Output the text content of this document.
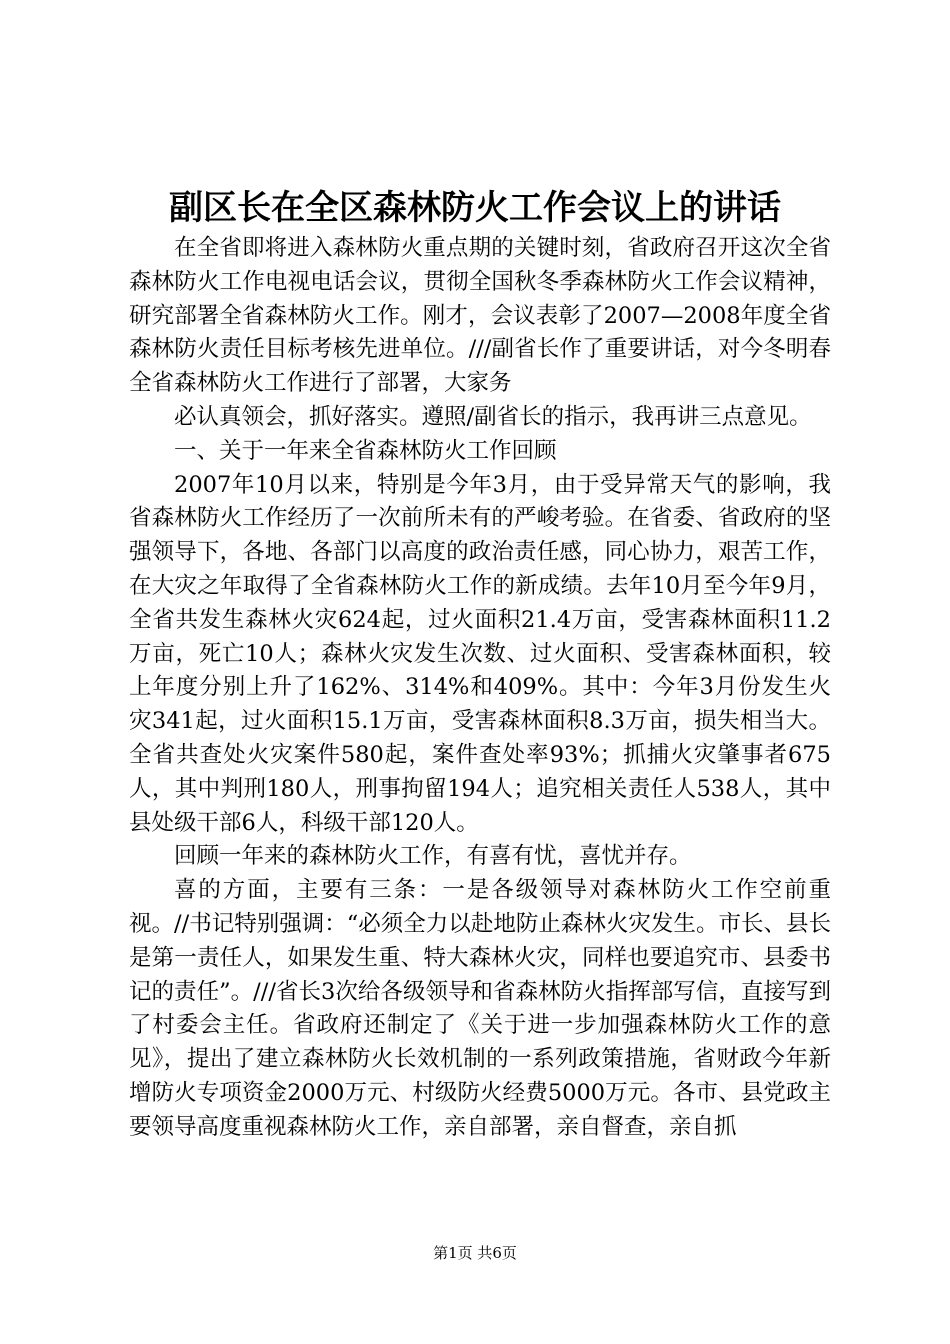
副区长在全区森林防火工作会议上的讲话

在全省即将进入森林防火重点期的关键时刻，省政府召开这次全省森林防火工作电视电话会议，贯彻全国秋冬季森林防火工作会议精神，研究部署全省森林防火工作。刚才，会议表彰了2007—2008年度全省森林防火责任目标考核先进单位。///副省长作了重要讲话，对今冬明春全省森林防火工作进行了部署，大家务

必认真领会，抓好落实。遵照/副省长的指示，我再讲三点意见。

一、关于一年来全省森林防火工作回顾

2007年10月以来，特别是今年3月，由于受异常天气的影响，我省森林防火工作经历了一次前所未有的严峻考验。在省委、省政府的坚强领导下，各地、各部门以高度的政治责任感，同心协力，艰苦工作，在大灾之年取得了全省森林防火工作的新成绩。去年10月至今年9月，全省共发生森林火灾624起，过火面积21.4万亩，受害森林面积11.2万亩，死亡10人；森林火灾发生次数、过火面积、受害森林面积，较上年度分别上升了162%、314%和409%。其中：今年3月份发生火灾341起，过火面积15.1万亩，受害森林面积8.3万亩，损失相当大。全省共查处火灾案件580起，案件查处率93%；抓捕火灾肇事者675人，其中判刑180人，刑事拘留194人；追究相关责任人538人，其中县处级干部6人，科级干部120人。

回顾一年来的森林防火工作，有喜有忧，喜忧并存。

喜的方面，主要有三条：一是各级领导对森林防火工作空前重视。//书记特别强调：“必须全力以赴地防止森林火灾发生。市长、县长是第一责任人，如果发生重、特大森林火灾，同样也要追究市、县委书记的责任”。///省长3次给各级领导和省森林防火指挥部写信，直接写到了村委会主任。省政府还制定了《关于进一步加强森林防火工作的意见》，提出了建立森林防火长效机制的一系列政策措施，省财政今年新增防火专项资金2000万元、村级防火经费5000万元。各市、县党政主要领导高度重视森林防火工作，亲自部署，亲自督查，亲自抓

第1页 共6页
